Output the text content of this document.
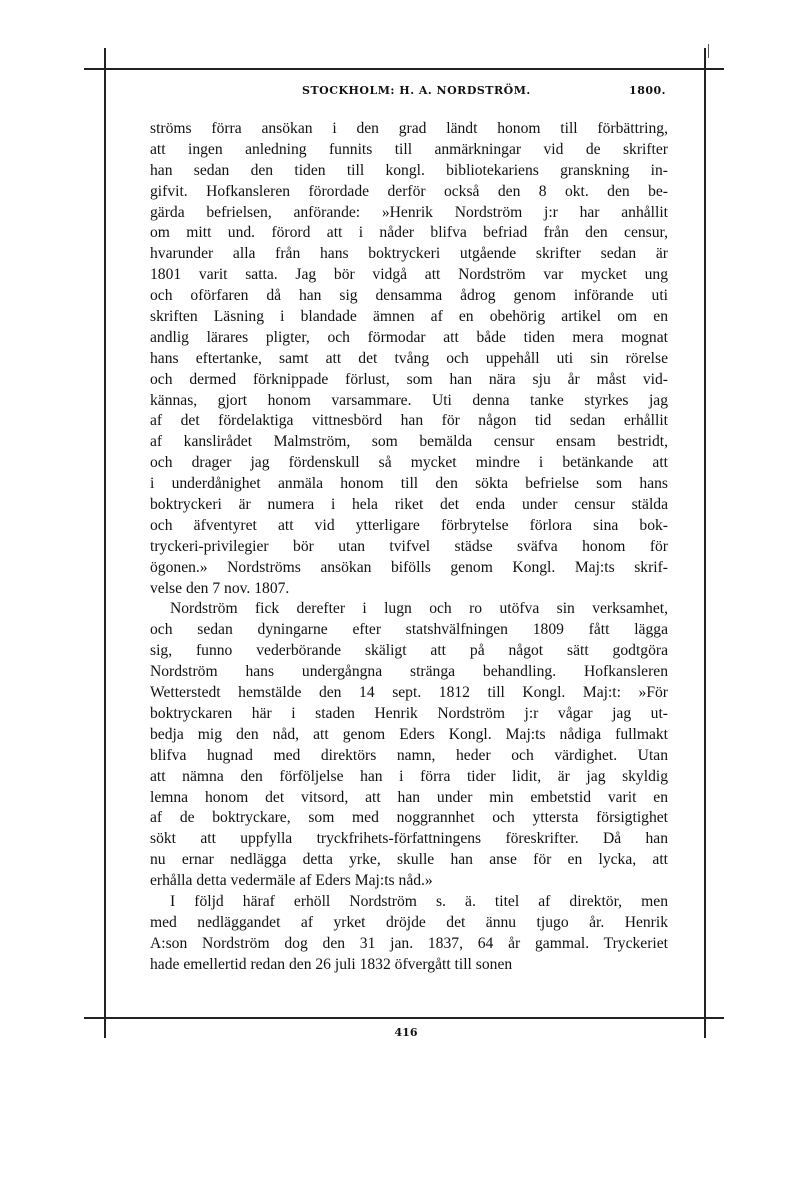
STOCKHOLM: H. A. NORDSTRÖM.	1800.
ströms förra ansökan i den grad ländt honom till förbättring,
att ingen anledning funnits till anmärkningar vid de skrifter
han sedan den tiden till kongl. bibliotekariens granskning in-
gifvit. Hofkansleren förordade derför också den 8 okt. den be-
gärda befrielsen, anförande: »Henrik Nordström j:r har anhållit
om mitt und. förord att i nåder blifva befriad från den censur,
hvarunder alla från hans boktryckeri utgående skrifter sedan är
1801 varit satta. Jag bör vidgå att Nordström var mycket ung
och oförfaren då han sig densamma ådrog genom införande uti
skriften Läsning i blandade ämnen af en obehörig artikel om en
andlig lärares pligter, och förmodar att både tiden mera mognat
hans eftertanke, samt att det tvång och uppehåll uti sin rörelse
och dermed förknippade förlust, som han nära sju år måst vid-
kännas, gjort honom varsammare. Uti denna tanke styrkes jag
af det fördelaktiga vittnesbörd han för någon tid sedan erhållit
af kanslirådet Malmström, som bemälda censur ensam bestridt,
och drager jag fördenskull så mycket mindre i betänkande att
i underdånighet anmäla honom till den sökta befrielse som hans
boktryckeri är numera i hela riket det enda under censur stälda
och äfventyret att vid ytterligare förbrytelse förlora sina bok-
tryckeri-privilegier bör utan tvifvel städse sväfva honom för
ögonen.» Nordströms ansökan bifölls genom Kongl. Maj:ts skrif-
velse den 7 nov. 1807.
Nordström fick derefter i lugn och ro utöfva sin verksamhet,
och sedan dyningarne efter statshvälfningen 1809 fått lägga
sig, funno vederbörande skäligt att på något sätt godtgöra
Nordström hans undergångna stränga behandling. Hofkansleren
Wetterstedt hemstälde den 14 sept. 1812 till Kongl. Maj:t: »För
boktryckaren här i staden Henrik Nordström j:r vågar jag ut-
bedja mig den nåd, att genom Eders Kongl. Maj:ts nådiga fullmakt
blifva hugnad med direktörs namn, heder och värdighet. Utan
att nämna den förföljelse han i förra tider lidit, är jag skyldig
lemna honom det vitsord, att han under min embetstid varit en
af de boktryckare, som med noggrannhet och yttersta försigtighet
sökt att uppfylla tryckfrihets-författningens föreskrifter. Då han
nu ernar nedlägga detta yrke, skulle han anse för en lycka, att
erhålla detta vedermäle af Eders Maj:ts nåd.»
I följd häraf erhöll Nordström s. ä. titel af direktör, men
med nedläggandet af yrket dröjde det ännu tjugo år. Henrik
A:son Nordström dog den 31 jan. 1837, 64 år gammal. Tryckeriet
hade emellertid redan den 26 juli 1832 öfvergått till sonen
416
